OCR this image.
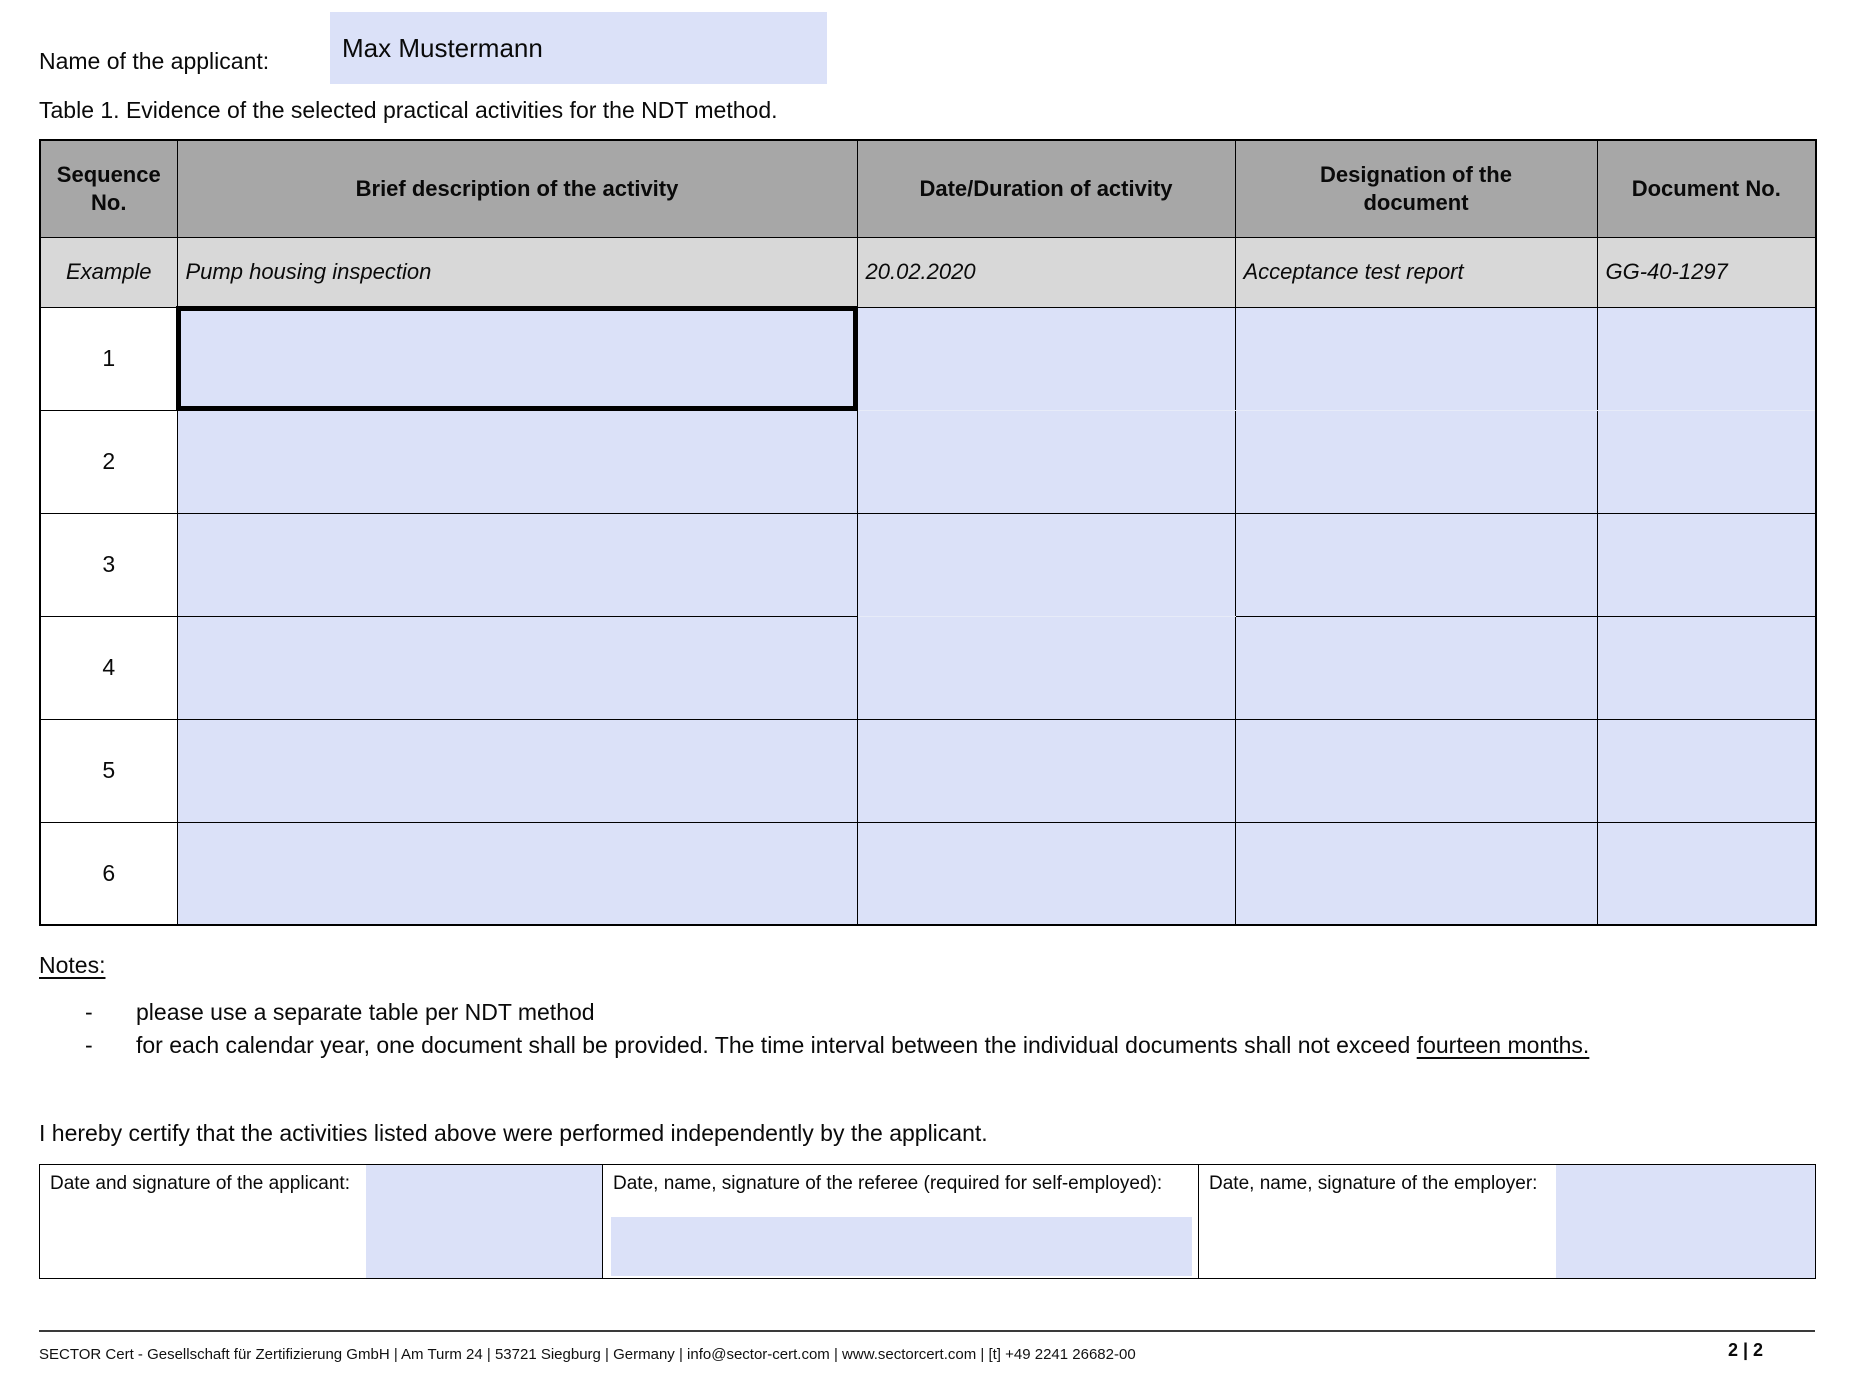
Name of the applicant:	Max Mustermann
Table 1. Evidence of the selected practical activities for the NDT method.
Sequence No.	Brief description of the activity	Date/Duration of activity	Designation of the document	Document No.
Example	Pump housing inspection	20.02.2020	Acceptance test report	GG-40-1297
1				
2				
3				
4				
5				
6				
Notes:
-	please use a separate table per NDT method
-	for each calendar year, one document shall be provided. The time interval between the individual documents shall not exceed fourteen months.
I hereby certify that the activities listed above were performed independently by the applicant.
Date and signature of the applicant:	Date, name, signature of the referee (required for self-employed):	Date, name, signature of the employer:
SECTOR Cert - Gesellschaft für Zertifizierung GmbH | Am Turm 24 | 53721 Siegburg | Germany | info@sector-cert.com | www.sectorcert.com | [t] +49 2241 26682-00	2 | 2
